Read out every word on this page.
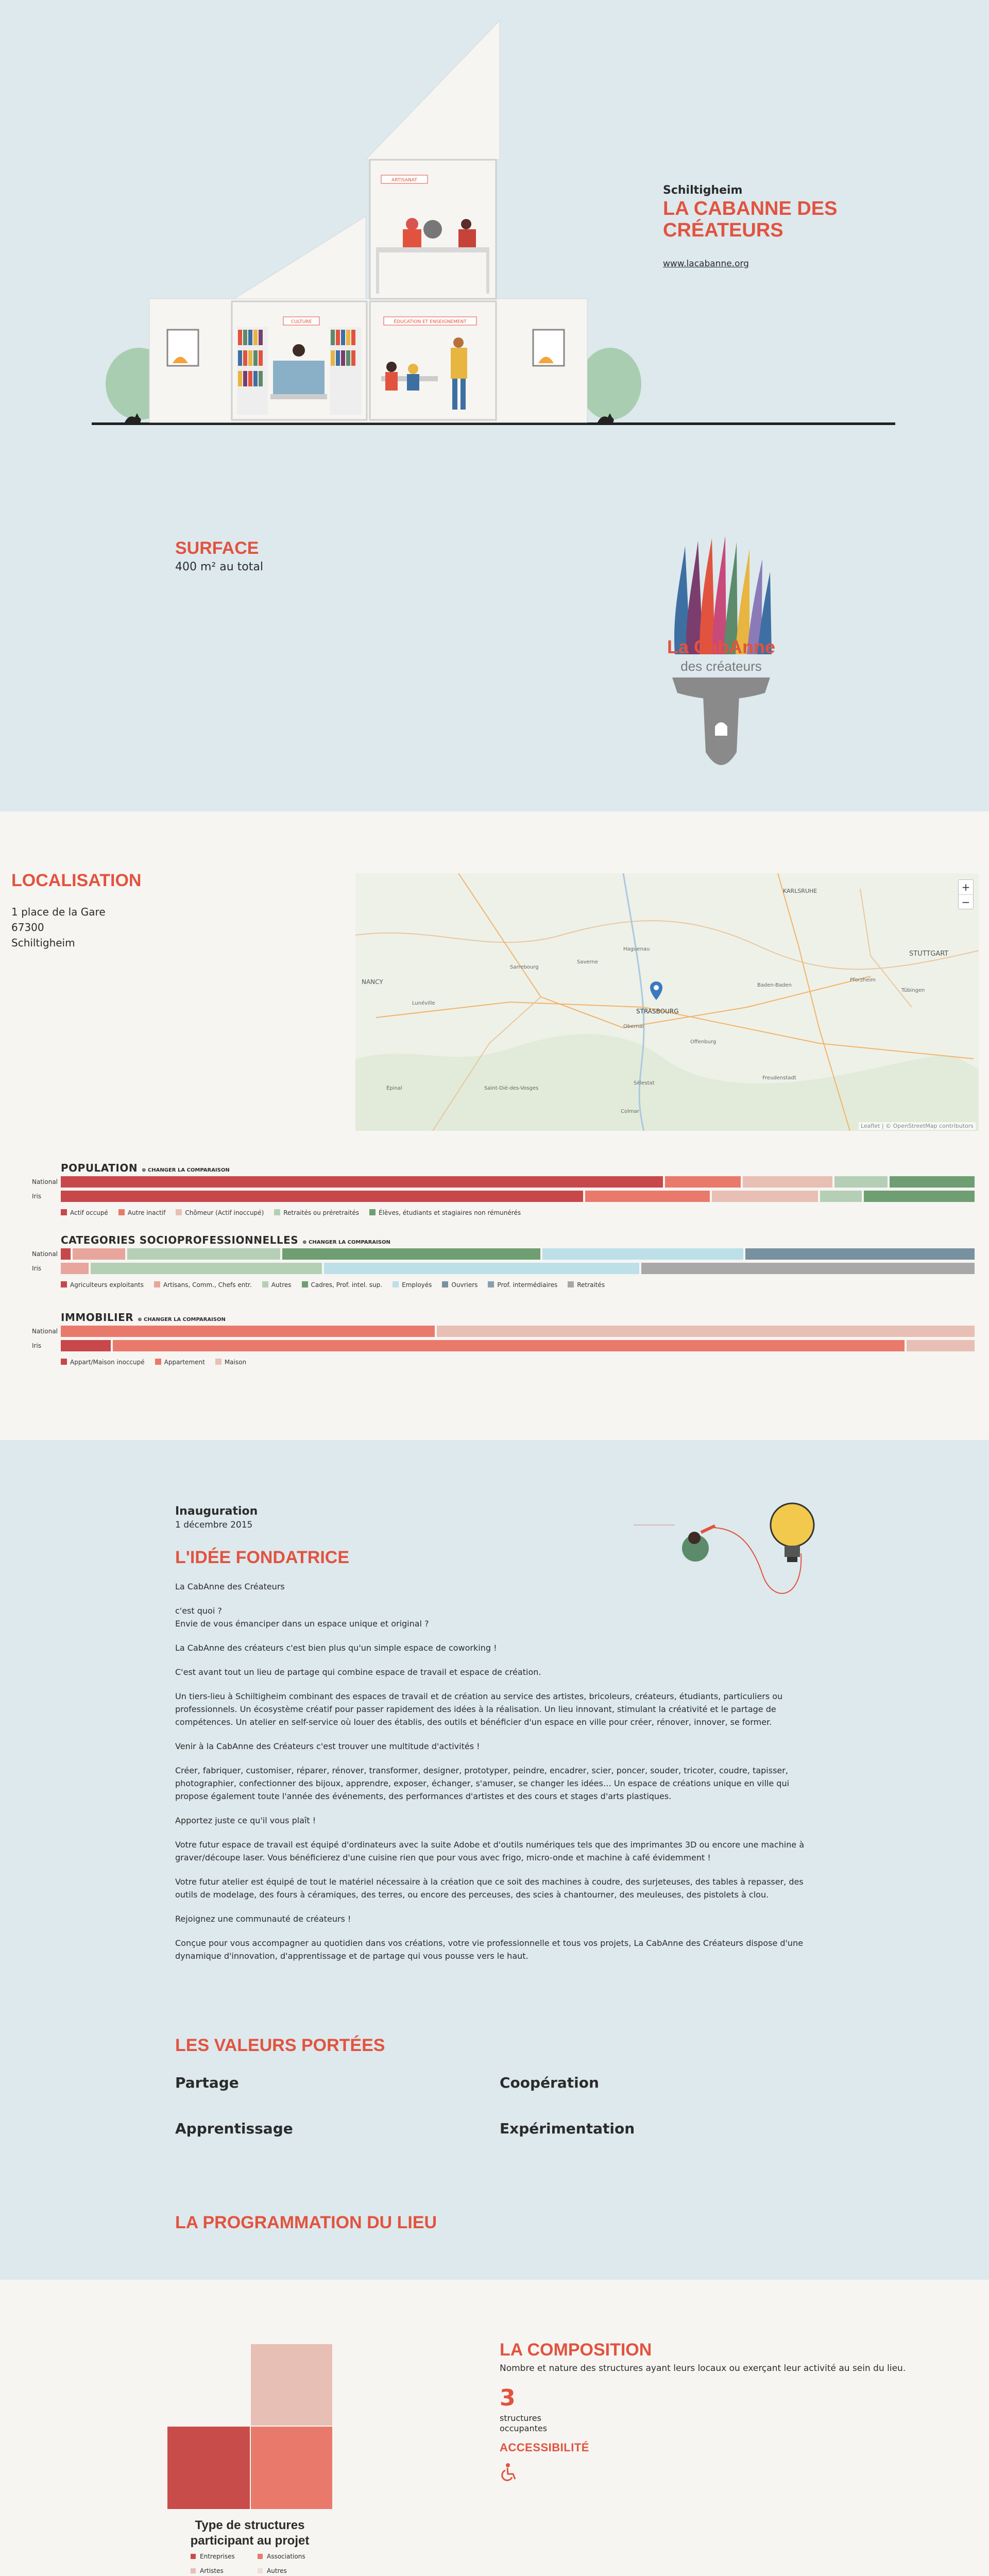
ARTISANAT
CULTURE	ÉDUCATION ET ENSEIGNEMENT
Schiltigheim
LA CABANNE DES
CRÉATEURS
www.lacabanne.org
SURFACE

400 m² au total

La CabAnne
des créateurs
LOCALISATION
1 place de la Gare
67300
Schiltigheim
KARLSRUHE
STUTTGART
STRASBOURG
NANCY
Haguenau
Saverne
Sarrebourg
Offenburg
Sélestat
Colmar
Baden-Baden
Pforzheim
Lunéville
Épinal
Freudenstadt
Tübingen
Saint-Dié-des-Vosges
Obernai
+
−
Leaflet | © OpenStreetMap contributors
POPULATION ⊕ CHANGER LA COMPARAISON
National
Iris
Actif occupé	Autre inactif	Chômeur (Actif inoccupé)	Retraités ou préretraités	Élèves, étudiants et stagiaires non rémunérés
CATEGORIES SOCIOPROFESSIONNELLES ⊕ CHANGER LA COMPARAISON
National
Iris
Agriculteurs exploitants	Artisans, Comm., Chefs entr.	Autres	Cadres, Prof. intel. sup.	Employés	Ouvriers	Prof. intermédiaires	Retraités
IMMOBILIER ⊕ CHANGER LA COMPARAISON
National
Iris
Appart/Maison inoccupé	Appartement	Maison
Inauguration
1 décembre 2015
L'IDÉE FONDATRICE

La CabAnne des Créateurs

c'est quoi ?
Envie de vous émanciper dans un espace unique et original ?

La CabAnne des créateurs c'est bien plus qu'un simple espace de coworking !

C'est avant tout un lieu de partage qui combine espace de travail et espace de création.

Un tiers-lieu à Schiltigheim combinant des espaces de travail et de création au service des artistes, bricoleurs, créateurs, étudiants, particuliers ou professionnels. Un écosystème créatif pour passer rapidement des idées à la réalisation. Un lieu innovant, stimulant la créativité et le partage de compétences. Un atelier en self-service où louer des établis, des outils et bénéficier d'un espace en ville pour créer, rénover, innover, se former.

Venir à la CabAnne des Créateurs c'est trouver une multitude d'activités !

Créer, fabriquer, customiser, réparer, rénover, transformer, designer, prototyper, peindre, encadrer, scier, poncer, souder, tricoter, coudre, tapisser, photographier, confectionner des bijoux, apprendre, exposer, échanger, s'amuser, se changer les idées… Un espace de créations unique en ville qui propose également toute l'année des événements, des performances d'artistes et des cours et stages d'arts plastiques.

Apportez juste ce qu'il vous plaît !

Votre futur espace de travail est équipé d'ordinateurs avec la suite Adobe et d'outils numériques tels que des imprimantes 3D ou encore une machine à graver/découpe laser. Vous bénéficierez d'une cuisine rien que pour vous avec frigo, micro-onde et machine à café évidemment !

Votre futur atelier est équipé de tout le matériel nécessaire à la création que ce soit des machines à coudre, des surjeteuses, des tables à repasser, des outils de modelage, des fours à céramiques, des terres, ou encore des perceuses, des scies à chantourner, des meuleuses, des pistolets à clou.

Rejoignez une communauté de créateurs !

Conçue pour vous accompagner au quotidien dans vos créations, votre vie professionnelle et tous vos projets, La CabAnne des Créateurs dispose d'une dynamique d'innovation, d'apprentissage et de partage qui vous pousse vers le haut.

LES VALEURS PORTÉES
Partage	Coopération
Apprentissage	Expérimentation
LA PROGRAMMATION DU LIEU
Type de structures
participant au projet
Entreprises	Associations
Artistes	Autres
LA COMPOSITION
Nombre et nature des structures ayant leurs locaux ou exerçant leur activité au sein du lieu.
3
structures
occupantes
ACCESSIBILITÉ
